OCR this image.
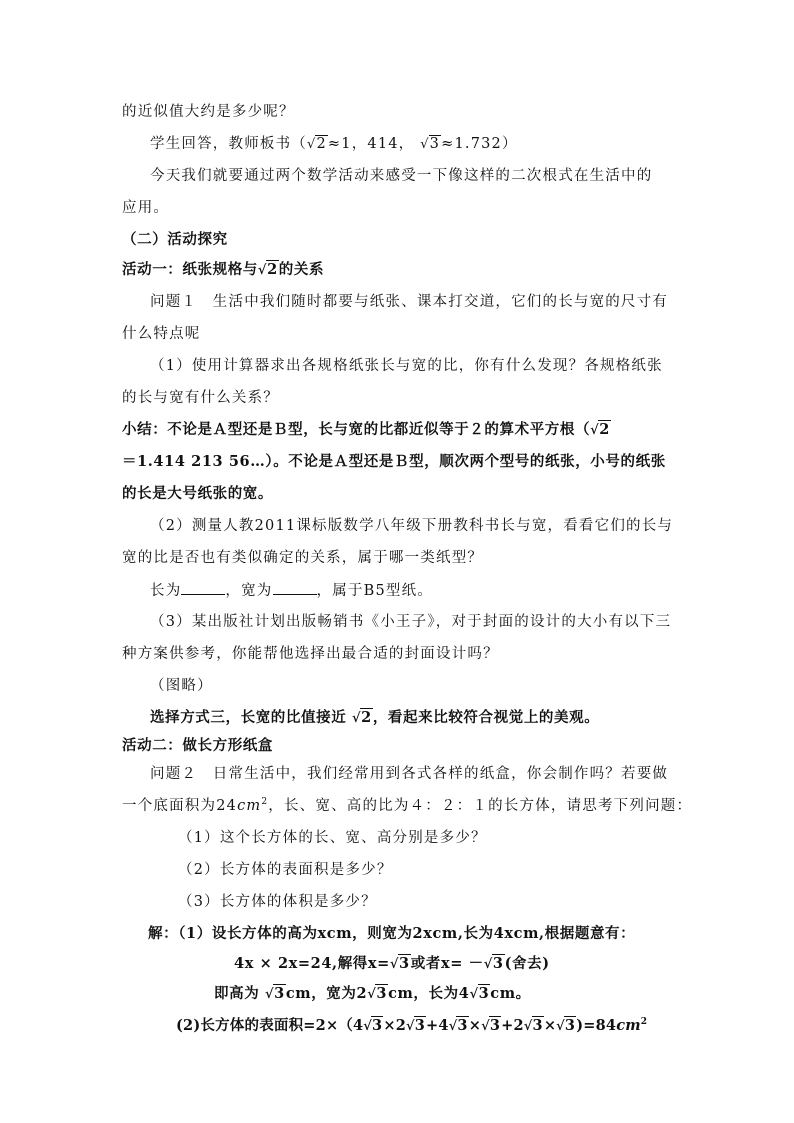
的近似值大约是多少呢？
学生回答，教师板书（√2≈1，414， √3≈1.732）
今天我们就要通过两个数学活动来感受一下像这样的二次根式在生活中的
应用。
（二）活动探究
活动一：纸张规格与√2的关系
问题１　生活中我们随时都要与纸张、课本打交道，它们的长与宽的尺寸有
什么特点呢
（1）使用计算器求出各规格纸张长与宽的比，你有什么发现？各规格纸张
的长与宽有什么关系？
小结：不论是Ａ型还是Ｂ型，长与宽的比都近似等于２的算术平方根（√2
＝1.414 213 56…）。不论是Ａ型还是Ｂ型，顺次两个型号的纸张，小号的纸张
的长是大号纸张的宽。
（2）测量人教2011课标版数学八年级下册教科书长与宽，看看它们的长与
宽的比是否也有类似确定的关系，属于哪一类纸型？
长为	，宽为	，属于B5型纸。
（3）某出版社计划出版畅销书《小王子》，对于封面的设计的大小有以下三
种方案供参考，你能帮他选择出最合适的封面设计吗？
（图略）
选择方式三，长宽的比值接近 √2，看起来比较符合视觉上的美观。
活动二：做长方形纸盒
问题２　日常生活中，我们经常用到各式各样的纸盒，你会制作吗？若要做
一个底面积为$24cm^2$，长、宽、高的比为４：２：１的长方体，请思考下列问题：
（1）这个长方体的长、宽、高分别是多少？
（2）长方体的表面积是多少？
（3）长方体的体积是多少？
解：（1）设长方体的高为xcm，则宽为2xcm,长为4xcm,根据题意有：
4x × 2x=24,解得x=√3或者x= －√3(舍去)
即高为 √3cm，宽为2√3cm，长为4√3cm。
(2)长方体的表面积$=2\times(4√3\times 2√3+4√3\times√3+2√3\times√3)=84cm^2$
